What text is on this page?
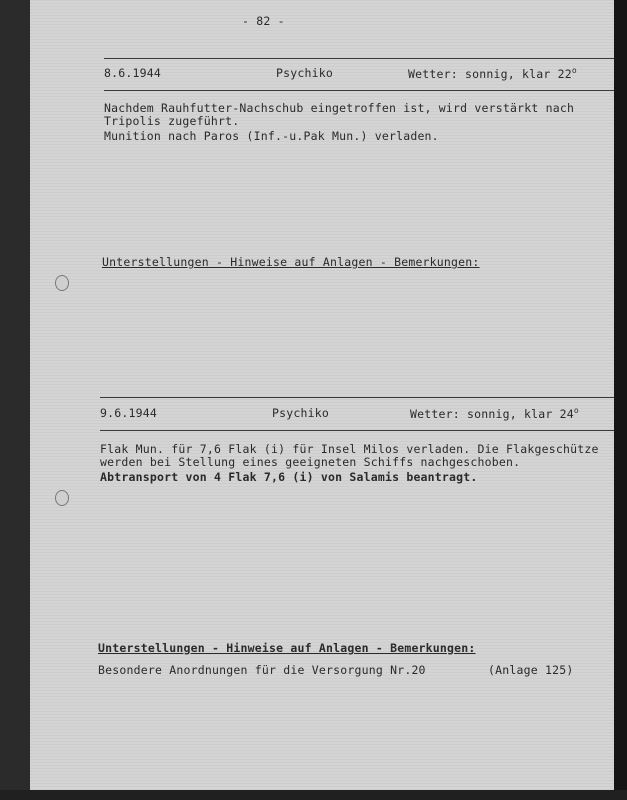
- 82 -
8.6.1944	Psychiko	Wetter: sonnig, klar 22$^o$
Nachdem Rauhfutter-Nachschub eingetroffen ist, wird verstärkt nach
Tripolis zugeführt.
Munition nach Paros (Inf.-u.Pak Mun.) verladen.
Unterstellungen - Hinweise auf Anlagen - Bemerkungen:
9.6.1944	Psychiko	Wetter: sonnig, klar 24$^o$
Flak Mun. für 7,6 Flak (i) für Insel Milos verladen. Die Flakgeschütze
werden bei Stellung eines geeigneten Schiffs nachgeschoben.
Abtransport von 4 Flak 7,6 (i) von Salamis beantragt.
Unterstellungen - Hinweise auf Anlagen - Bemerkungen:
Besondere Anordnungen für die Versorgung Nr.20	(Anlage 125)
